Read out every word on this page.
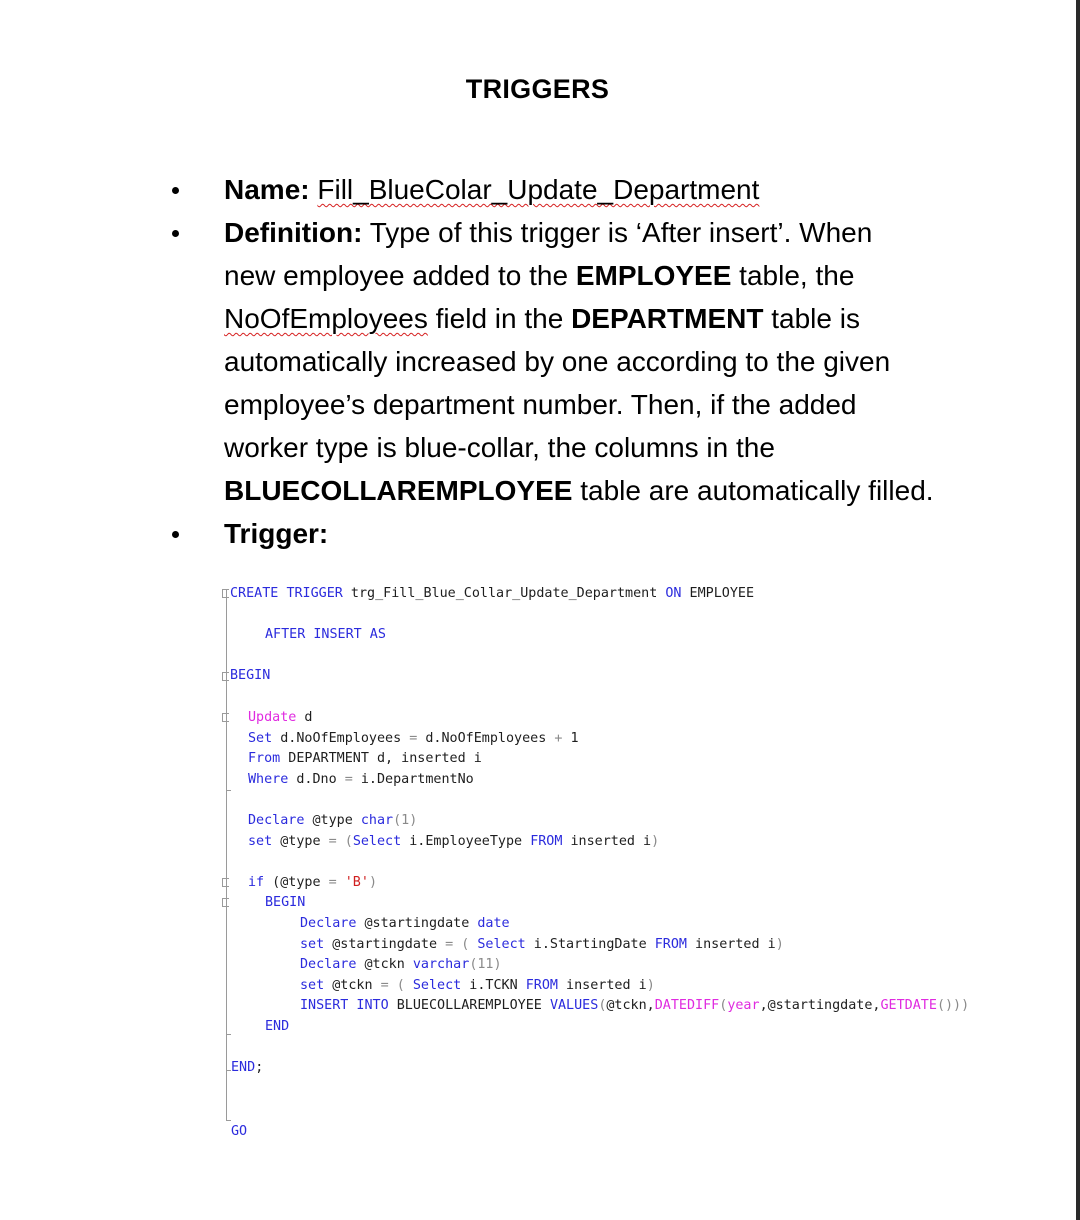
TRIGGERS
Name: Fill_BlueColar_Update_Department
Definition: Type of this trigger is ‘After insert’. When
new employee added to the EMPLOYEE table, the
NoOfEmployees field in the DEPARTMENT table is
automatically increased by one according to the given
employee’s department number. Then, if the added
worker type is blue-collar, the columns in the
BLUECOLLAREMPLOYEE table are automatically filled.
Trigger:
CREATE TRIGGER trg_Fill_Blue_Collar_Update_Department ON EMPLOYEE
AFTER INSERT AS
BEGIN
Update d
Set d.NoOfEmployees = d.NoOfEmployees + 1
From DEPARTMENT d, inserted i
Where d.Dno = i.DepartmentNo
Declare @type char(1)
set @type = (Select i.EmployeeType FROM inserted i)
if (@type = 'B')
BEGIN
Declare @startingdate date
set @startingdate = ( Select i.StartingDate FROM inserted i)
Declare @tckn varchar(11)
set @tckn = ( Select i.TCKN FROM inserted i)
INSERT INTO BLUECOLLAREMPLOYEE VALUES(@tckn,DATEDIFF(year,@startingdate,GETDATE()))
END
END;
GO
